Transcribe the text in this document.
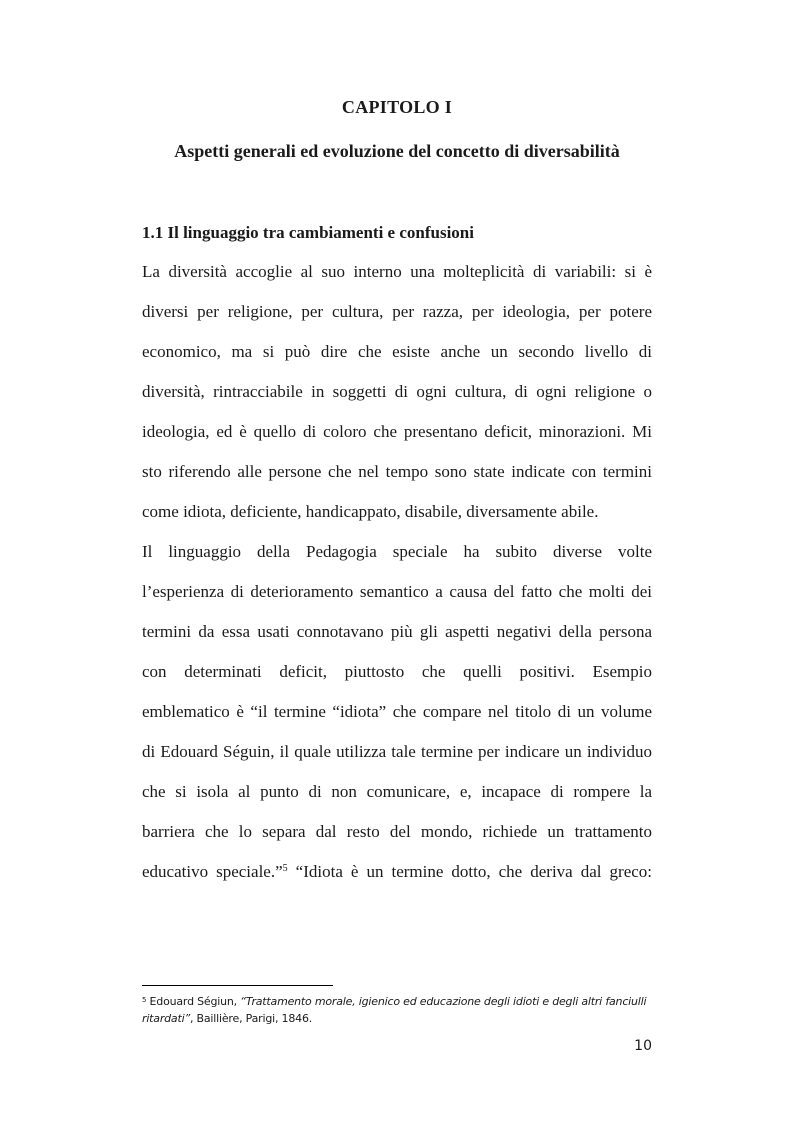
CAPITOLO I
Aspetti generali ed evoluzione del concetto di diversabilità
1.1 Il linguaggio tra cambiamenti e confusioni
La diversità accoglie al suo interno una molteplicità di variabili: si è
diversi per religione, per cultura, per razza, per ideologia, per potere
economico, ma si può dire che esiste anche un secondo livello di
diversità, rintracciabile in soggetti di ogni cultura, di ogni religione o
ideologia, ed è quello di coloro che presentano deficit, minorazioni. Mi
sto riferendo alle persone che nel tempo sono state indicate con termini
come idiota, deficiente, handicappato, disabile, diversamente abile.
Il linguaggio della Pedagogia speciale ha subito diverse volte
l’esperienza di deterioramento semantico a causa del fatto che molti dei
termini da essa usati connotavano più gli aspetti negativi della persona
con determinati deficit, piuttosto che quelli positivi. Esempio
emblematico è “il termine “idiota” che compare nel titolo di un volume
di Edouard Séguin, il quale utilizza tale termine per indicare un individuo
che si isola al punto di non comunicare, e, incapace di rompere la
barriera che lo separa dal resto del mondo, richiede un trattamento
educativo speciale.”$^5$ “Idiota è un termine dotto, che deriva dal greco:
$^5$ Edouard Ségiun, “Trattamento morale, igienico ed educazione degli idioti e degli altri fanciulli ritardati”, Baillière, Parigi, 1846.
10
